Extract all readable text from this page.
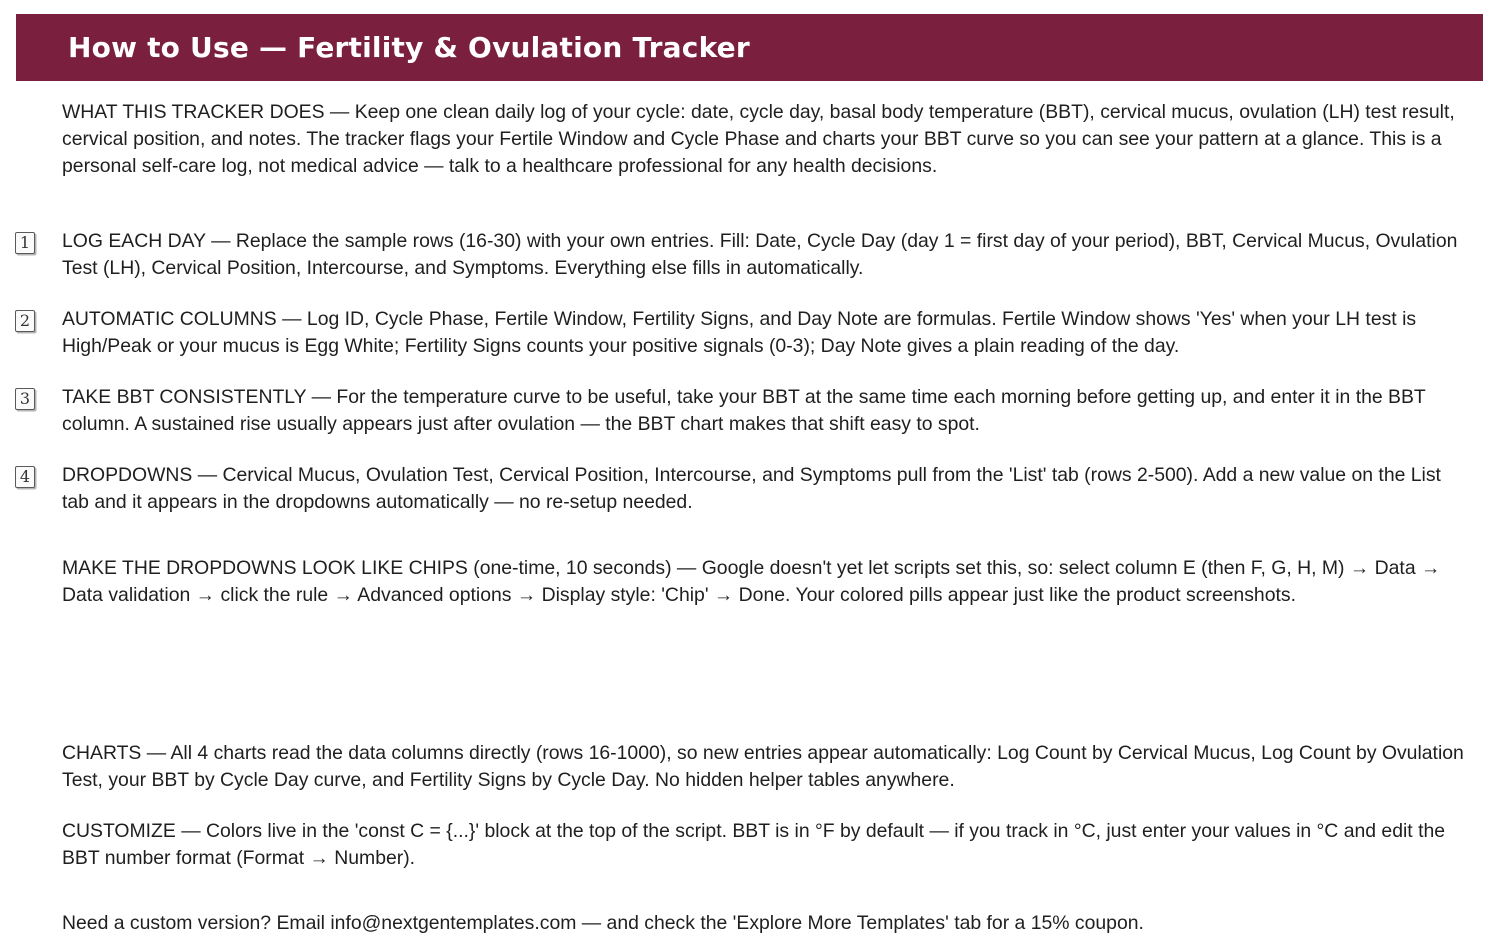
How to Use — Fertility & Ovulation Tracker
WHAT THIS TRACKER DOES — Keep one clean daily log of your cycle: date, cycle day, basal body temperature (BBT), cervical mucus, ovulation (LH) test result, cervical position, and notes. The tracker flags your Fertile Window and Cycle Phase and charts your BBT curve so you can see your pattern at a glance. This is a personal self-care log, not medical advice — talk to a healthcare professional for any health decisions.
1 LOG EACH DAY — Replace the sample rows (16-30) with your own entries. Fill: Date, Cycle Day (day 1 = first day of your period), BBT, Cervical Mucus, Ovulation Test (LH), Cervical Position, Intercourse, and Symptoms. Everything else fills in automatically.
2 AUTOMATIC COLUMNS — Log ID, Cycle Phase, Fertile Window, Fertility Signs, and Day Note are formulas. Fertile Window shows 'Yes' when your LH test is High/Peak or your mucus is Egg White; Fertility Signs counts your positive signals (0-3); Day Note gives a plain reading of the day.
3 TAKE BBT CONSISTENTLY — For the temperature curve to be useful, take your BBT at the same time each morning before getting up, and enter it in the BBT column. A sustained rise usually appears just after ovulation — the BBT chart makes that shift easy to spot.
4 DROPDOWNS — Cervical Mucus, Ovulation Test, Cervical Position, Intercourse, and Symptoms pull from the 'List' tab (rows 2-500). Add a new value on the List tab and it appears in the dropdowns automatically — no re-setup needed.
MAKE THE DROPDOWNS LOOK LIKE CHIPS (one-time, 10 seconds) — Google doesn't yet let scripts set this, so: select column E (then F, G, H, M) → Data → Data validation → click the rule → Advanced options → Display style: 'Chip' → Done. Your colored pills appear just like the product screenshots.
CHARTS — All 4 charts read the data columns directly (rows 16-1000), so new entries appear automatically: Log Count by Cervical Mucus, Log Count by Ovulation Test, your BBT by Cycle Day curve, and Fertility Signs by Cycle Day. No hidden helper tables anywhere.
CUSTOMIZE — Colors live in the 'const C = {...}' block at the top of the script. BBT is in °F by default — if you track in °C, just enter your values in °C and edit the BBT number format (Format → Number).
Need a custom version? Email info@nextgentemplates.com — and check the 'Explore More Templates' tab for a 15% coupon.
